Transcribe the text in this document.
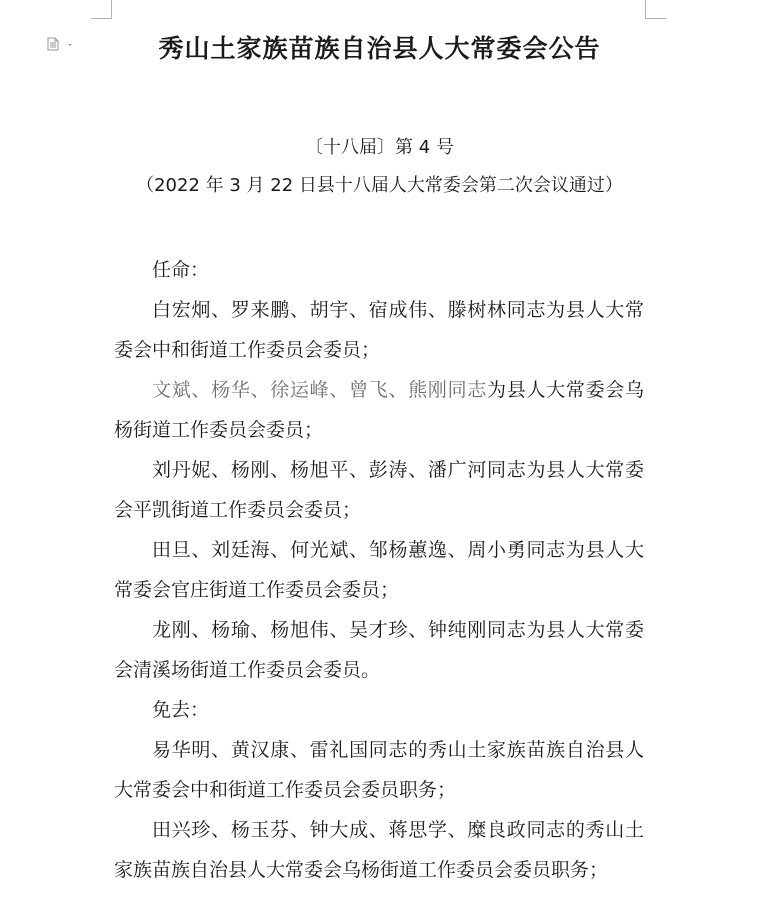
秀山土家族苗族自治县人大常委会公告
〔十八届〕第 4 号
（2022 年 3 月 22 日县十八届人大常委会第二次会议通过）

任命：

白宏炯、罗来鹏、胡宇、宿成伟、滕树林同志为县人大常委会中和街道工作委员会委员；

文斌、杨华、徐运峰、曾飞、熊刚同志为县人大常委会乌杨街道工作委员会委员；

刘丹妮、杨刚、杨旭平、彭涛、潘广河同志为县人大常委会平凯街道工作委员会委员；

田旦、刘廷海、何光斌、邹杨蕙逸、周小勇同志为县人大常委会官庄街道工作委员会委员；

龙刚、杨瑜、杨旭伟、吴才珍、钟纯刚同志为县人大常委会清溪场街道工作委员会委员。

免去：

易华明、黄汉康、雷礼国同志的秀山土家族苗族自治县人大常委会中和街道工作委员会委员职务；

田兴珍、杨玉芬、钟大成、蒋思学、糜良政同志的秀山土家族苗族自治县人大常委会乌杨街道工作委员会委员职务；
